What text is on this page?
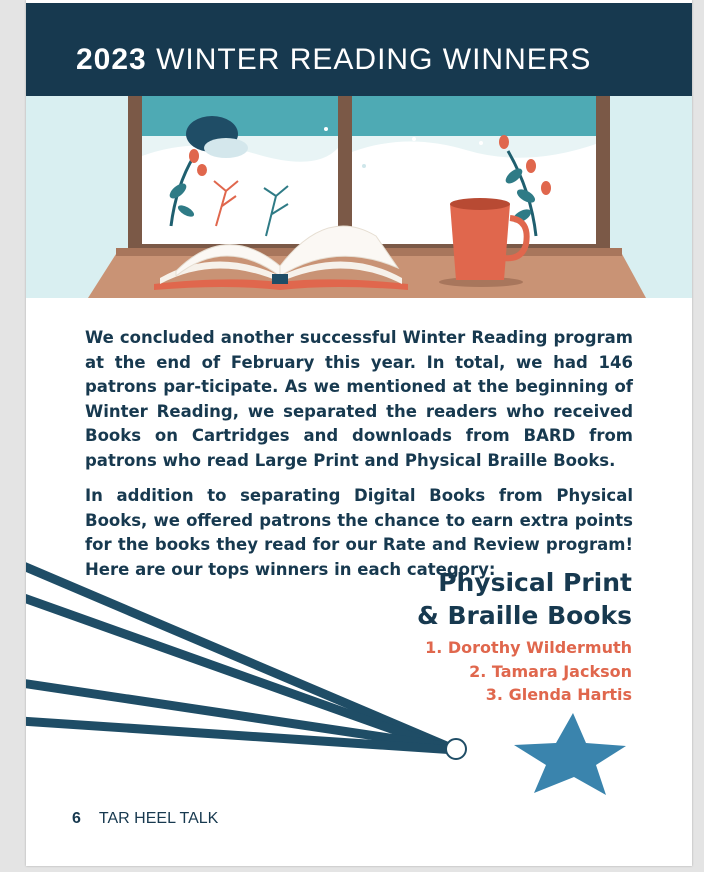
2023 WINTER READING WINNERS

We concluded another successful Winter Reading program at the end of February this year. In total, we had 146 patrons par-ticipate. As we mentioned at the beginning of Winter Reading, we separated the readers who received Books on Cartridges and downloads from BARD from patrons who read Large Print and Physical Braille Books.

In addition to separating Digital Books from Physical Books, we offered patrons the chance to earn extra points for the books they read for our Rate and Review program! Here are our tops winners in each category:

Physical Print
& Braille Books
1. Dorothy Wildermuth
2. Tamara Jackson
3. Glenda Hartis
6 TAR HEEL TALK
